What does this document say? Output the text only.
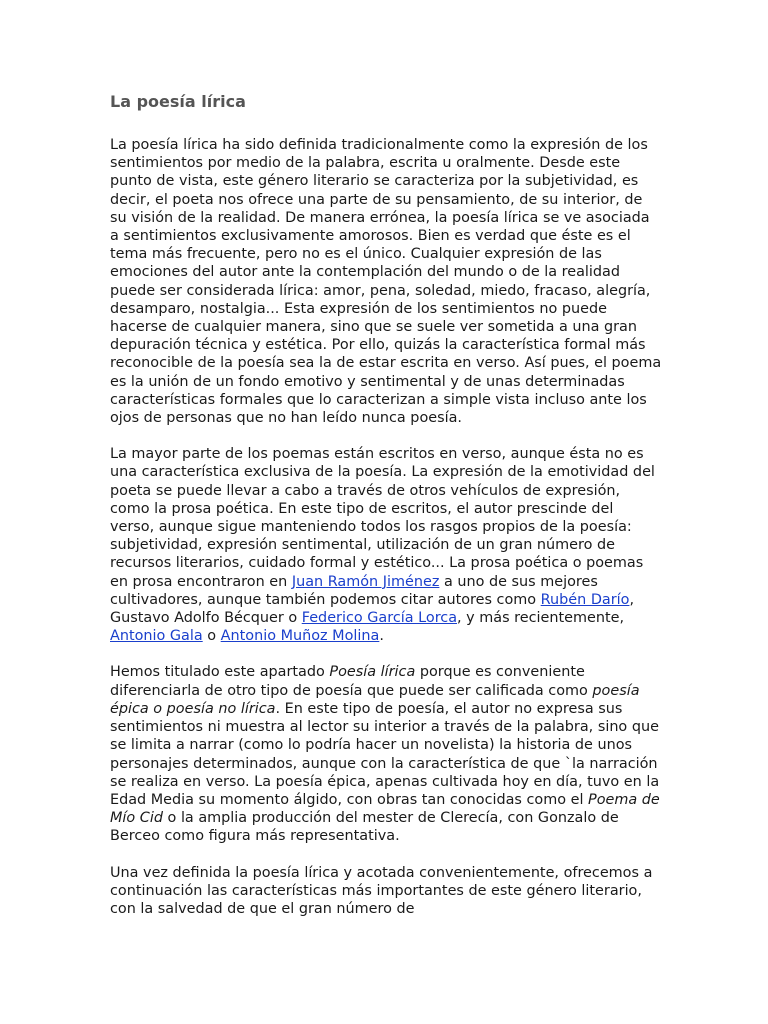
La poesía lírica

La poesía lírica ha sido definida tradicionalmente como la expresión de los sentimientos por medio de la palabra, escrita u oralmente. Desde este punto de vista, este género literario se caracteriza por la subjetividad, es decir, el poeta nos ofrece una parte de su pensamiento, de su interior, de su visión de la realidad. De manera errónea, la poesía lírica se ve asociada a sentimientos exclusivamente amorosos. Bien es verdad que éste es el tema más frecuente, pero no es el único. Cualquier expresión de las emociones del autor ante la contemplación del mundo o de la realidad puede ser considerada lírica: amor, pena, soledad, miedo, fracaso, alegría, desamparo, nostalgia... Esta expresión de los sentimientos no puede hacerse de cualquier manera, sino que se suele ver sometida a una gran depuración técnica y estética. Por ello, quizás la característica formal más reconocible de la poesía sea la de estar escrita en verso. Así pues, el poema es la unión de un fondo emotivo y sentimental y de unas determinadas características formales que lo caracterizan a simple vista incluso ante los ojos de personas que no han leído nunca poesía.

La mayor parte de los poemas están escritos en verso, aunque ésta no es una característica exclusiva de la poesía. La expresión de la emotividad del poeta se puede llevar a cabo a través de otros vehículos de expresión, como la prosa poética. En este tipo de escritos, el autor prescinde del verso, aunque sigue manteniendo todos los rasgos propios de la poesía: subjetividad, expresión sentimental, utilización de un gran número de recursos literarios, cuidado formal y estético... La prosa poética o poemas en prosa encontraron en Juan Ramón Jiménez a uno de sus mejores cultivadores, aunque también podemos citar autores como Rubén Darío, Gustavo Adolfo Bécquer o Federico García Lorca, y más recientemente, Antonio Gala o Antonio Muñoz Molina.

Hemos titulado este apartado Poesía lírica porque es conveniente diferenciarla de otro tipo de poesía que puede ser calificada como poesía épica o poesía no lírica. En este tipo de poesía, el autor no expresa sus sentimientos ni muestra al lector su interior a través de la palabra, sino que se limita a narrar (como lo podría hacer un novelista) la historia de unos personajes determinados, aunque con la característica de que `la narración se realiza en verso. La poesía épica, apenas cultivada hoy en día, tuvo en la Edad Media su momento álgido, con obras tan conocidas como el Poema de Mío Cid o la amplia producción del mester de Clerecía, con Gonzalo de Berceo como figura más representativa.

Una vez definida la poesía lírica y acotada convenientemente, ofrecemos a continuación las características más importantes de este género literario, con la salvedad de que el gran número de
